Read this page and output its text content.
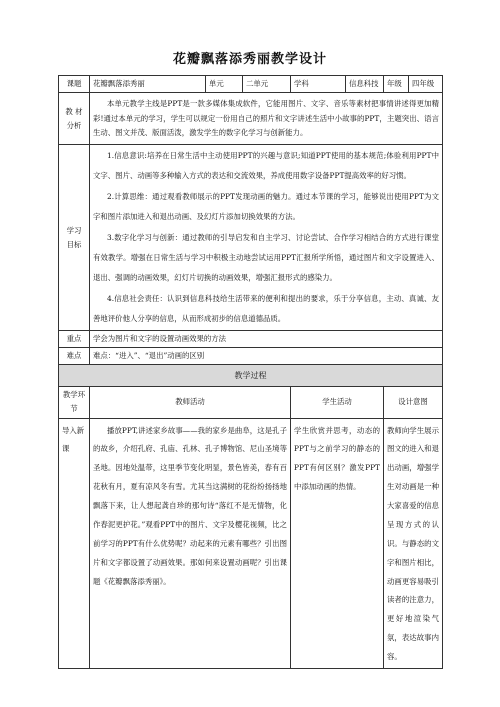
花瓣飘落添秀丽教学设计
课题	花瓣飘落添秀丽	单元	二单元	学科	信息科技	年级	四年级
教 材 分析	本单元教学主线是PPT是一款多媒体集成软件，它能用图片、文字、音乐等素材把事情讲述得更加精彩!通过本单元的学习，学生可以规定一份用自己的照片和文字讲述生活中小故事的PPT，主题突出、语言生动、图文并茂、版面活泼，激发学生的数字化学习与创新能力。						

学习 目标	1.信息意识:培养在日常生活中主动使用PPT的兴趣与意识;知道PPT使用的基本规范;体验利用PPT中文字、图片、动画等多种输入方式的表达和交流效果，养成使用数字设备PPT提高效率的好习惯。

2.计算思维：通过观看教师展示的PPT发现动画的魅力。通过本节课的学习，能够说出使用PPT为文字和图片添加进入和退出动画、及幻灯片添加切换效果的方法。

3.数字化学习与创新：通过教师的引导启发和自主学习、讨论尝试、合作学习相结合的方式进行课堂有效教学。增强在日常生活与学习中积极主动地尝试运用PPT汇报所学所悟，通过图片和文字设置进入、退出、强调的动画效果，幻灯片切换的动画效果，增强汇报形式的感染力。

4.信息社会责任：认识到信息科技给生活带来的便利和提出的要求，乐于分享信息，主动、真诚、友善地评价他人分享的信息，从而形成初步的信息道德品质。						

重点	学会为图片和文字的设置动画效果的方法						
难点	难点：“进入”、“退出”动画的区别						
教学过程							
教学环节	教师活动			学生活动		设计意图	
导入新课	播放PPT,讲述家乡故事——我的家乡是曲阜，这是孔子的故乡，介绍孔府、孔庙、孔林、孔子博物馆、尼山圣境等圣地。因地处温带，这里季节变化明显，景色皆美，春有百花秋有月，夏有凉风冬有雪。尤其当这满树的花纷纷扬扬地飘落下来，让人想起龚自珍的那句诗“落红不是无情物，化作春泥更护花。”观看PPT中的图片、文字及樱花视频，比之前学习的PPT有什么优势呢？动起来的元素有哪些？引出图片和文字都设置了动画效果。那如何来设置动画呢？引出课题《花瓣飘落添秀丽》。			学生欣赏并思考，动态的PPT与之前学习的静态的PPT有何区别？激发PPT中添加动画的热情。		教师向学生展示图文的进入和退出动画，增强学生对动画是一种大家喜爱的信息呈现方式的认识。与静态的文字和图片相比，动画更容易吸引读者的注意力，更好地渲染气氛，表达故事内容。	
